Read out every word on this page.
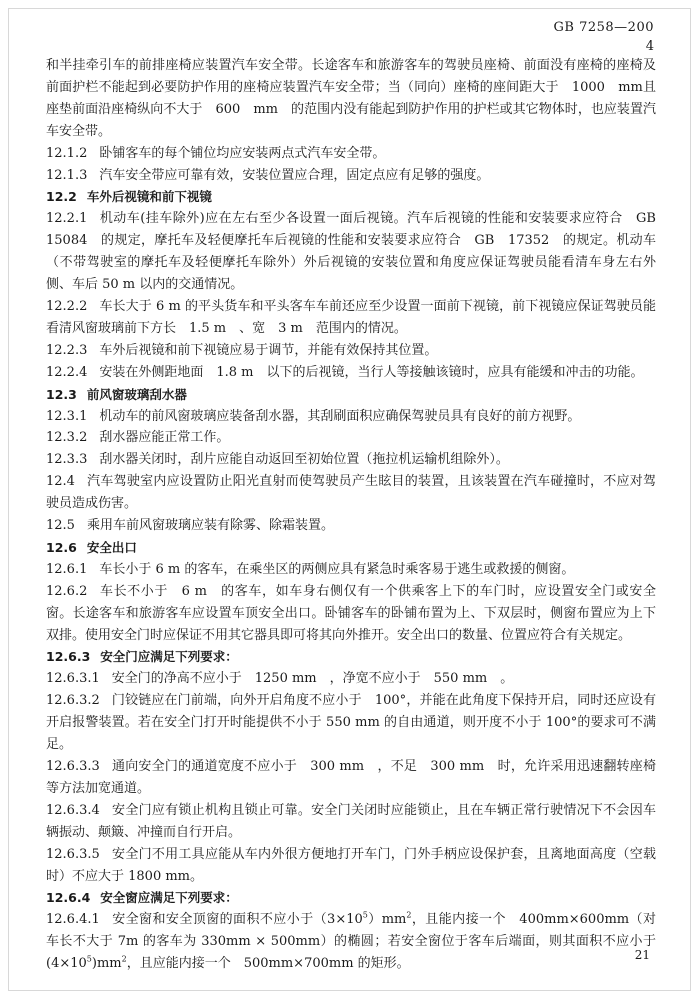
GB 7258—200
4

和半挂牵引车的前排座椅应装置汽车安全带。长途客车和旅游客车的驾驶员座椅、前面没有座椅的座椅及前面护栏不能起到必要防护作用的座椅应装置汽车安全带；当（同向）座椅的座间距大于　1000　mm且座垫前面沿座椅纵向不大于　600　mm　的范围内没有能起到防护作用的护栏或其它物体时，也应装置汽车安全带。

12.1.2 卧铺客车的每个铺位均应安装两点式汽车安全带。

12.1.3 汽车安全带应可靠有效，安装位置应合理，固定点应有足够的强度。

12.2 车外后视镜和前下视镜

12.2.1 机动车(挂车除外)应在左右至少各设置一面后视镜。汽车后视镜的性能和安装要求应符合　GB 15084　的规定，摩托车及轻便摩托车后视镜的性能和安装要求应符合　GB　17352　的规定。机动车（不带驾驶室的摩托车及轻便摩托车除外）外后视镜的安装位置和角度应保证驾驶员能看清车身左右外侧、车后 50 m 以内的交通情况。

12.2.2 车长大于 6 m 的平头货车和平头客车车前还应至少设置一面前下视镜，前下视镜应保证驾驶员能看清风窗玻璃前下方长　1.5 m　、宽　3 m　范围内的情况。

12.2.3 车外后视镜和前下视镜应易于调节，并能有效保持其位置。

12.2.4 安装在外侧距地面　1.8 m　以下的后视镜，当行人等接触该镜时，应具有能缓和冲击的功能。

12.3 前风窗玻璃刮水器

12.3.1 机动车的前风窗玻璃应装备刮水器，其刮刷面积应确保驾驶员具有良好的前方视野。

12.3.2 刮水器应能正常工作。

12.3.3 刮水器关闭时，刮片应能自动返回至初始位置（拖拉机运输机组除外）。

12.4 汽车驾驶室内应设置防止阳光直射而使驾驶员产生眩目的装置，且该装置在汽车碰撞时，不应对驾驶员造成伤害。

12.5 乘用车前风窗玻璃应装有除雾、除霜装置。

12.6 安全出口

12.6.1 车长小于 6 m 的客车，在乘坐区的两侧应具有紧急时乘客易于逃生或救援的侧窗。

12.6.2 车长不小于　6 m　的客车，如车身右侧仅有一个供乘客上下的车门时，应设置安全门或安全窗。长途客车和旅游客车应设置车顶安全出口。卧铺客车的卧铺布置为上、下双层时，侧窗布置应为上下双排。使用安全门时应保证不用其它器具即可将其向外推开。安全出口的数量、位置应符合有关规定。

12.6.3 安全门应满足下列要求：

12.6.3.1 安全门的净高不应小于　1250 mm　，净宽不应小于　550 mm　。

12.6.3.2 门铰链应在门前端，向外开启角度不应小于　100°，并能在此角度下保持开启，同时还应设有开启报警装置。若在安全门打开时能提供不小于 550 mm 的自由通道，则开度不小于 100°的要求可不满足。

12.6.3.3 通向安全门的通道宽度不应小于　300 mm　，不足　300 mm　时，允许采用迅速翻转座椅等方法加宽通道。

12.6.3.4 安全门应有锁止机构且锁止可靠。安全门关闭时应能锁止，且在车辆正常行驶情况下不会因车辆振动、颠簸、冲撞而自行开启。

12.6.3.5 安全门不用工具应能从车内外很方便地打开车门，门外手柄应设保护套，且离地面高度（空载时）不应大于 1800 mm。

12.6.4 安全窗应满足下列要求：

12.6.4.1 安全窗和安全顶窗的面积不应小于$(3\times 10^5)mm^2$，且能内接一个　400mm×600mm（对车长不大于 7m 的客车为 330mm × 500mm）的椭圆；若安全窗位于客车后端面，则其面积不应小于　$(4\times 10^5)mm^2$，且应能内接一个　500mm×700mm 的矩形。

21
